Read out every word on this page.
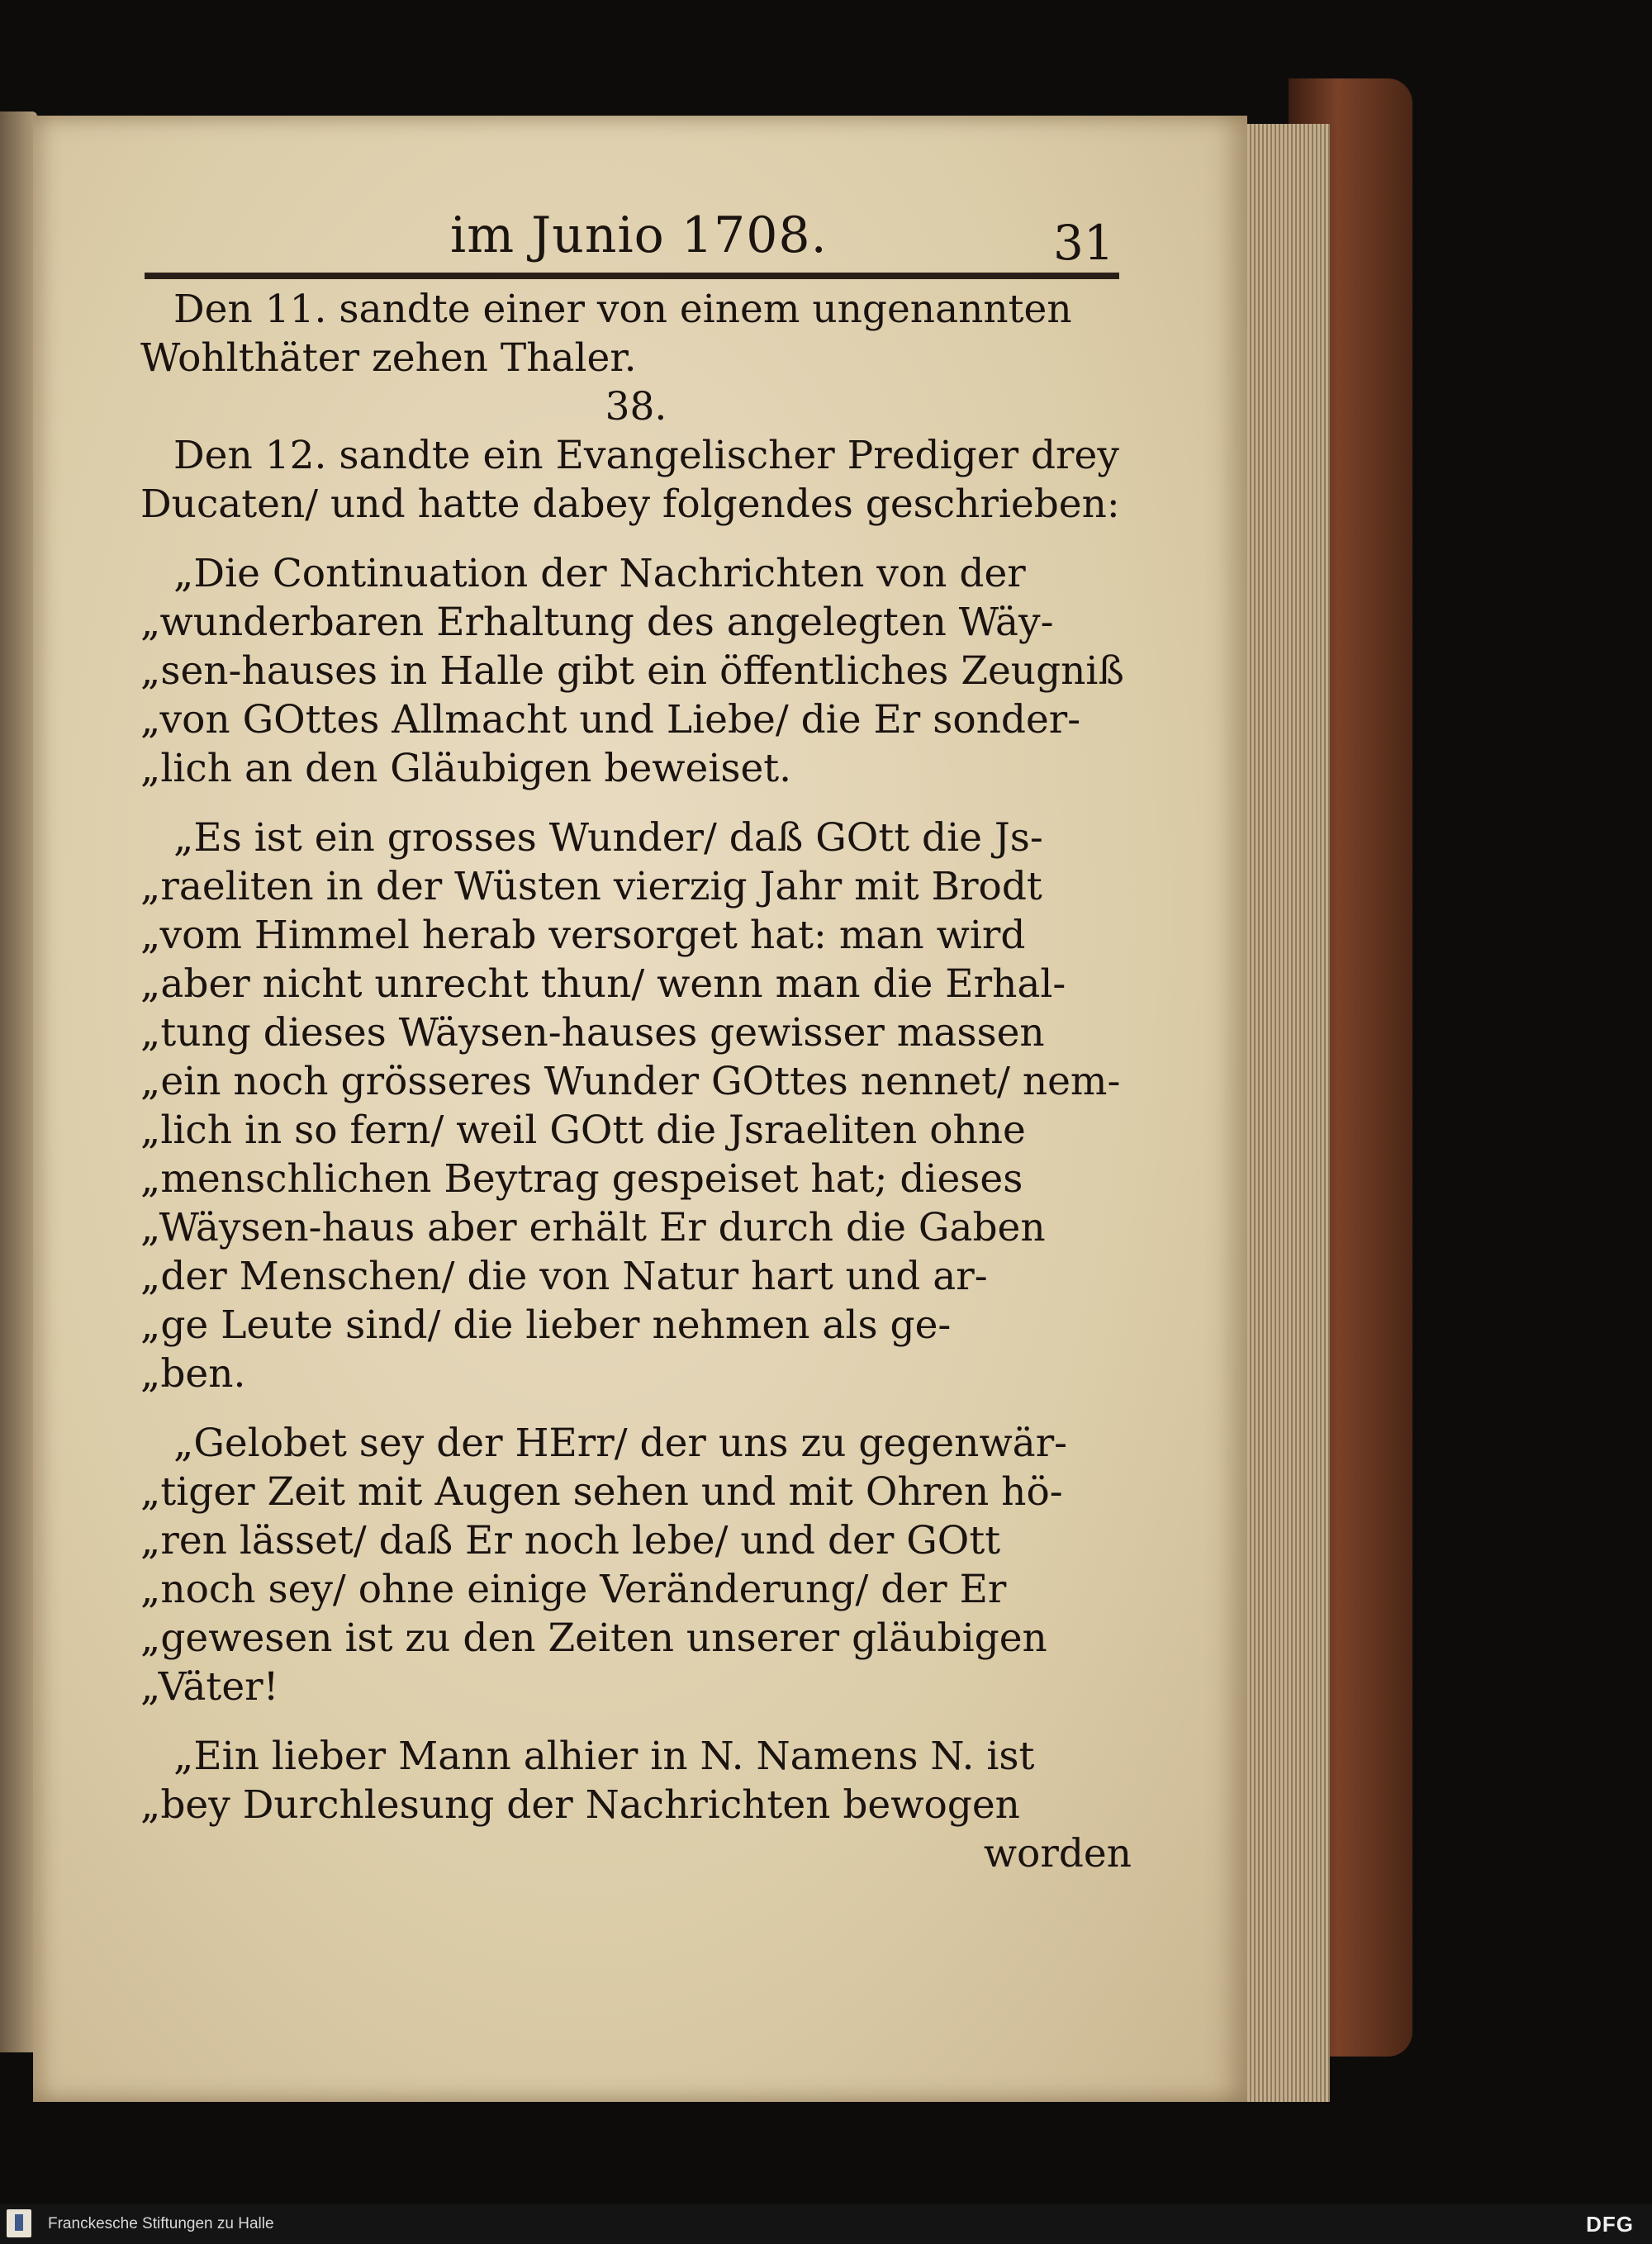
im Junio 1708.	31
Den 11. sandte einer von einem ungenannten
Wohlthäter zehen Thaler.
38.
Den 12. sandte ein Evangelischer Prediger drey
Ducaten/ und hatte dabey folgendes geschrieben:
„Die Continuation der Nachrichten von der
„wunderbaren Erhaltung des angelegten Wäy-
„sen-hauses in Halle gibt ein öffentliches Zeugniß
„von GOttes Allmacht und Liebe/ die Er sonder-
„lich an den Gläubigen beweiset.
„Es ist ein grosses Wunder/ daß GOtt die Js-
„raeliten in der Wüsten vierzig Jahr mit Brodt
„vom Himmel herab versorget hat: man wird
„aber nicht unrecht thun/ wenn man die Erhal-
„tung dieses Wäysen-hauses gewisser massen
„ein noch grösseres Wunder GOttes nennet/ nem-
„lich in so fern/ weil GOtt die Jsraeliten ohne
„menschlichen Beytrag gespeiset hat; dieses
„Wäysen-haus aber erhält Er durch die Gaben
„der Menschen/ die von Natur hart und ar-
„ge Leute sind/ die lieber nehmen als ge-
„ben.
„Gelobet sey der HErr/ der uns zu gegenwär-
„tiger Zeit mit Augen sehen und mit Ohren hö-
„ren lässet/ daß Er noch lebe/ und der GOtt
„noch sey/ ohne einige Veränderung/ der Er
„gewesen ist zu den Zeiten unserer gläubigen
„Väter!
„Ein lieber Mann alhier in N. Namens N. ist
„bey Durchlesung der Nachrichten bewogen
worden
Franckesche Stiftungen zu Halle	DFG
